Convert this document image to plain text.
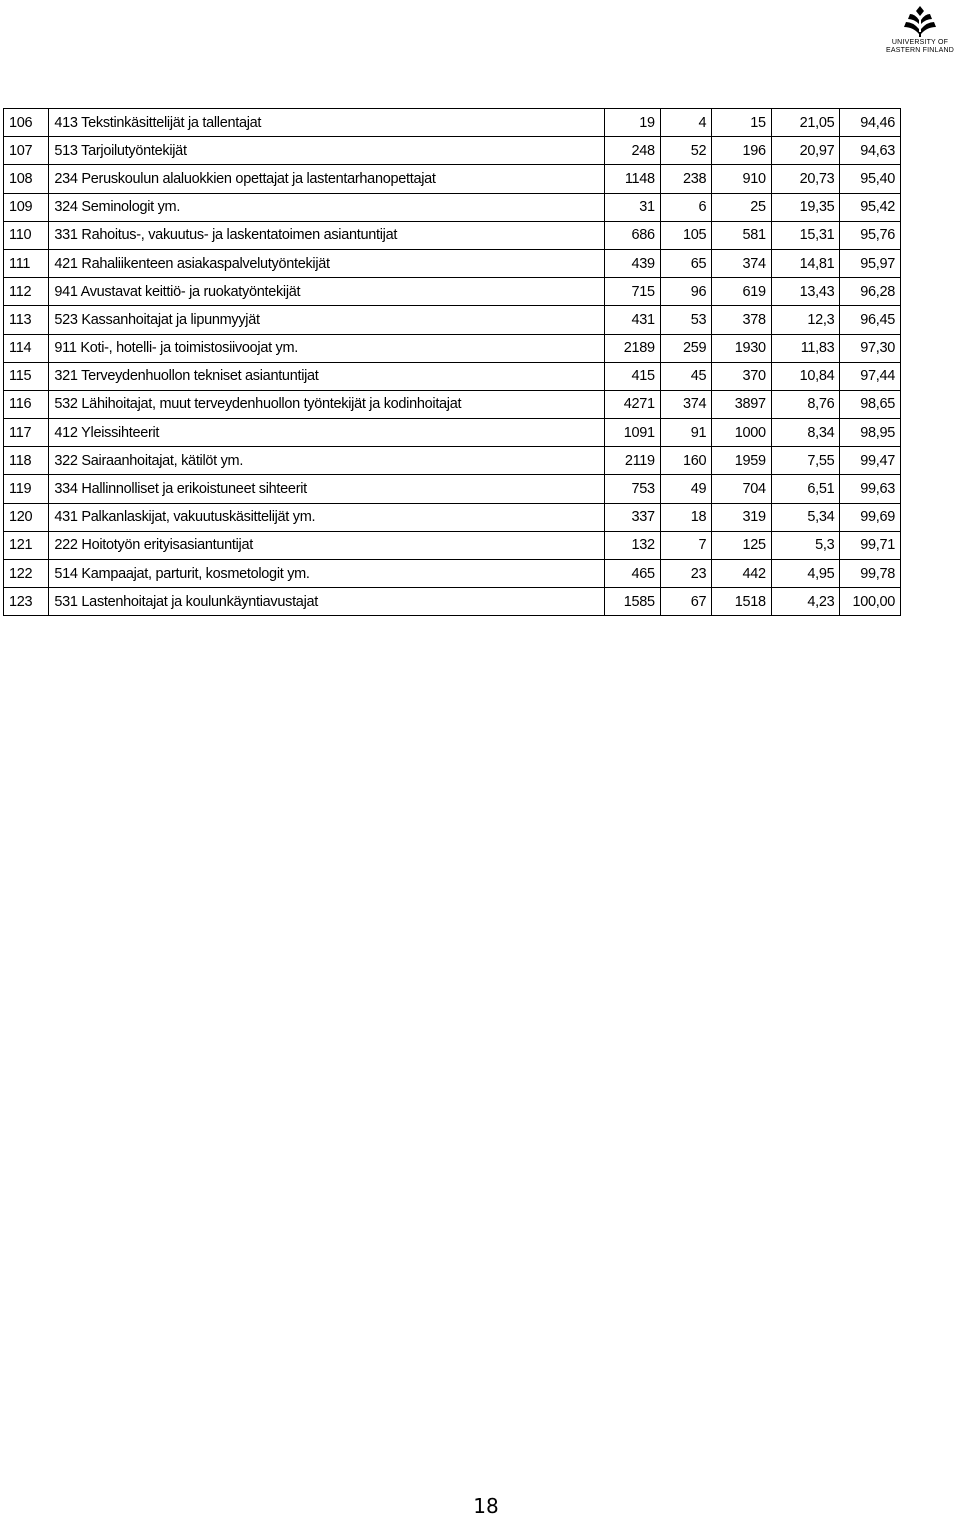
UNIVERSITY OF
EASTERN FINLAND
106	413 Tekstinkäsittelijät ja tallentajat	19	4	15	21,05	94,46
107	513 Tarjoilutyöntekijät	248	52	196	20,97	94,63
108	234 Peruskoulun alaluokkien opettajat ja lastentarhanopettajat	1148	238	910	20,73	95,40
109	324 Seminologit ym.	31	6	25	19,35	95,42
110	331 Rahoitus-, vakuutus- ja laskentatoimen asiantuntijat	686	105	581	15,31	95,76
111	421 Rahaliikenteen asiakaspalvelutyöntekijät	439	65	374	14,81	95,97
112	941 Avustavat keittiö- ja ruokatyöntekijät	715	96	619	13,43	96,28
113	523 Kassanhoitajat ja lipunmyyjät	431	53	378	12,3	96,45
114	911 Koti-, hotelli- ja toimistosiivoojat ym.	2189	259	1930	11,83	97,30
115	321 Terveydenhuollon tekniset asiantuntijat	415	45	370	10,84	97,44
116	532 Lähihoitajat, muut terveydenhuollon työntekijät ja kodinhoitajat	4271	374	3897	8,76	98,65
117	412 Yleissihteerit	1091	91	1000	8,34	98,95
118	322 Sairaanhoitajat, kätilöt ym.	2119	160	1959	7,55	99,47
119	334 Hallinnolliset ja erikoistuneet sihteerit	753	49	704	6,51	99,63
120	431 Palkanlaskijat, vakuutuskäsittelijät ym.	337	18	319	5,34	99,69
121	222 Hoitotyön erityisasiantuntijat	132	7	125	5,3	99,71
122	514 Kampaajat, parturit, kosmetologit ym.	465	23	442	4,95	99,78
123	531 Lastenhoitajat ja koulunkäyntiavustajat	1585	67	1518	4,23	100,00
18
